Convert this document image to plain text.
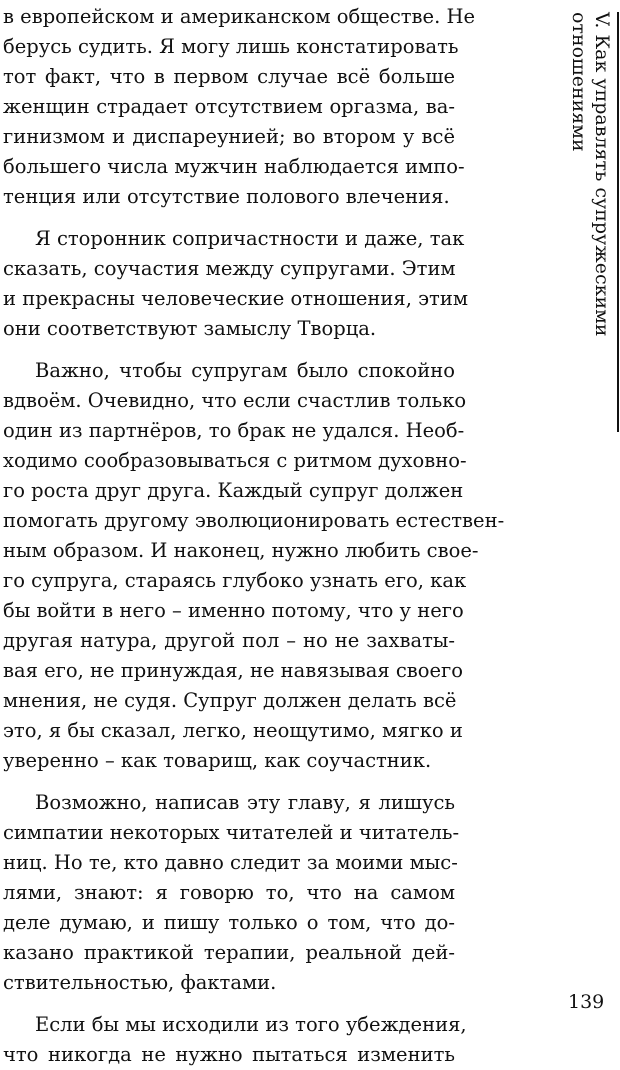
в европейском и американском обществе. Не
берусь судить. Я могу лишь констатировать
тот факт, что в первом случае всё больше
женщин страдает отсутствием оргазма, ва-
гинизмом и диспареунией; во втором у всё
большего числа мужчин наблюдается импо-
тенция или отсутствие полового влечения.
Я сторонник сопричастности и даже, так
сказать, соучастия между супругами. Этим
и прекрасны человеческие отношения, этим
они соответствуют замыслу Творца.
Важно, чтобы супругам было спокойно
вдвоём. Очевидно, что если счастлив только
один из партнёров, то брак не удался. Необ-
ходимо сообразовываться с ритмом духовно-
го роста друг друга. Каждый супруг должен
помогать другому эволюционировать естествен-
ным образом. И наконец, нужно любить свое-
го супруга, стараясь глубоко узнать его, как
бы войти в него – именно потому, что у него
другая натура, другой пол – но не захваты-
вая его, не принуждая, не навязывая своего
мнения, не судя. Супруг должен делать всё
это, я бы сказал, легко, неощутимо, мягко и
уверенно – как товарищ, как соучастник.
Возможно, написав эту главу, я лишусь
симпатии некоторых читателей и читатель-
ниц. Но те, кто давно следит за моими мыс-
лями, знают: я говорю то, что на самом
деле думаю, и пишу только о том, что до-
казано практикой терапии, реальной дей-
ствительностью, фактами.
Если бы мы исходили из того убеждения,
что никогда не нужно пытаться изменить
V. Как управлять супружескими
отношениями
139
